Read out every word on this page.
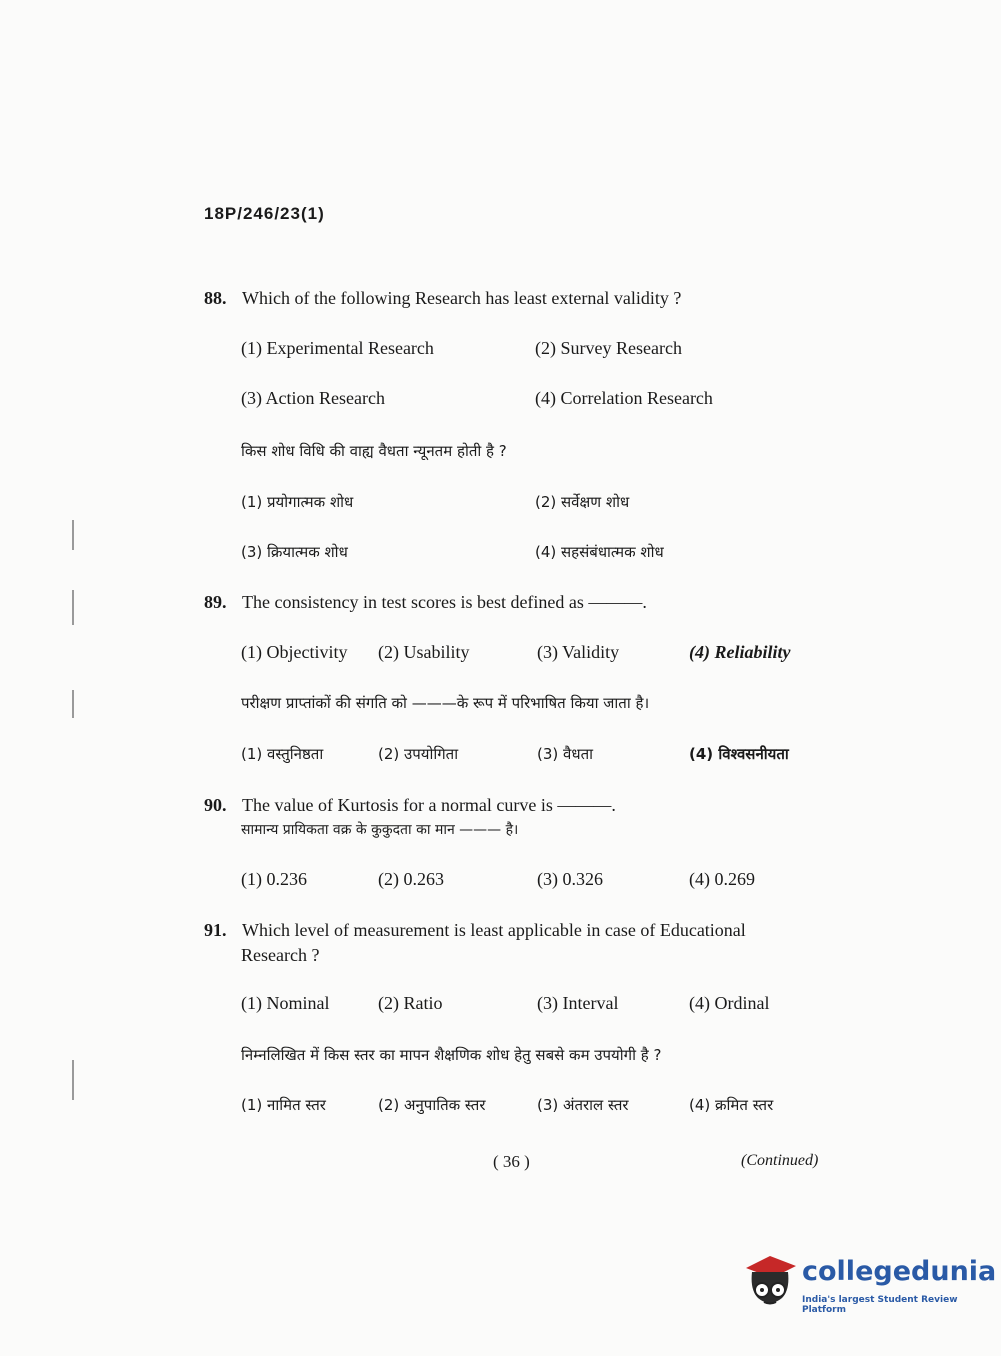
18P/246/23(1)
88. Which of the following Research has least external validity ?
(1) Experimental Research	(2) Survey Research
(3) Action Research	(4) Correlation Research
किस शोध विधि की वाह्य वैधता न्यूनतम होती है ?
(1) प्रयोगात्मक शोध	(2) सर्वेक्षण शोध
(3) क्रियात्मक शोध	(4) सहसंबंधात्मक शोध
89. The consistency in test scores is best defined as ———.
(1) Objectivity (2) Usability	(3) Validity	(4) Reliability
परीक्षण प्राप्तांकों की संगति को ———के रूप में परिभाषित किया जाता है।
(1) वस्तुनिष्ठता	(2) उपयोगिता	(3) वैधता	(4) विश्वसनीयता
90. The value of Kurtosis for a normal curve is ———.
सामान्य प्रायिकता वक्र के कुकुदता का मान ——— है।
(1) 0.236	(2) 0.263	(3) 0.326	(4) 0.269
91. Which level of measurement is least applicable in case of Educational
Research ?
(1) Nominal	(2) Ratio	(3) Interval	(4) Ordinal
निम्नलिखित में किस स्तर का मापन शैक्षणिक शोध हेतु सबसे कम उपयोगी है ?
(1) नामित स्तर	(2) अनुपातिक स्तर	(3) अंतराल स्तर	(4) क्रमित स्तर
( 36 )	(Continued)
collegedunia
India's largest Student Review Platform
